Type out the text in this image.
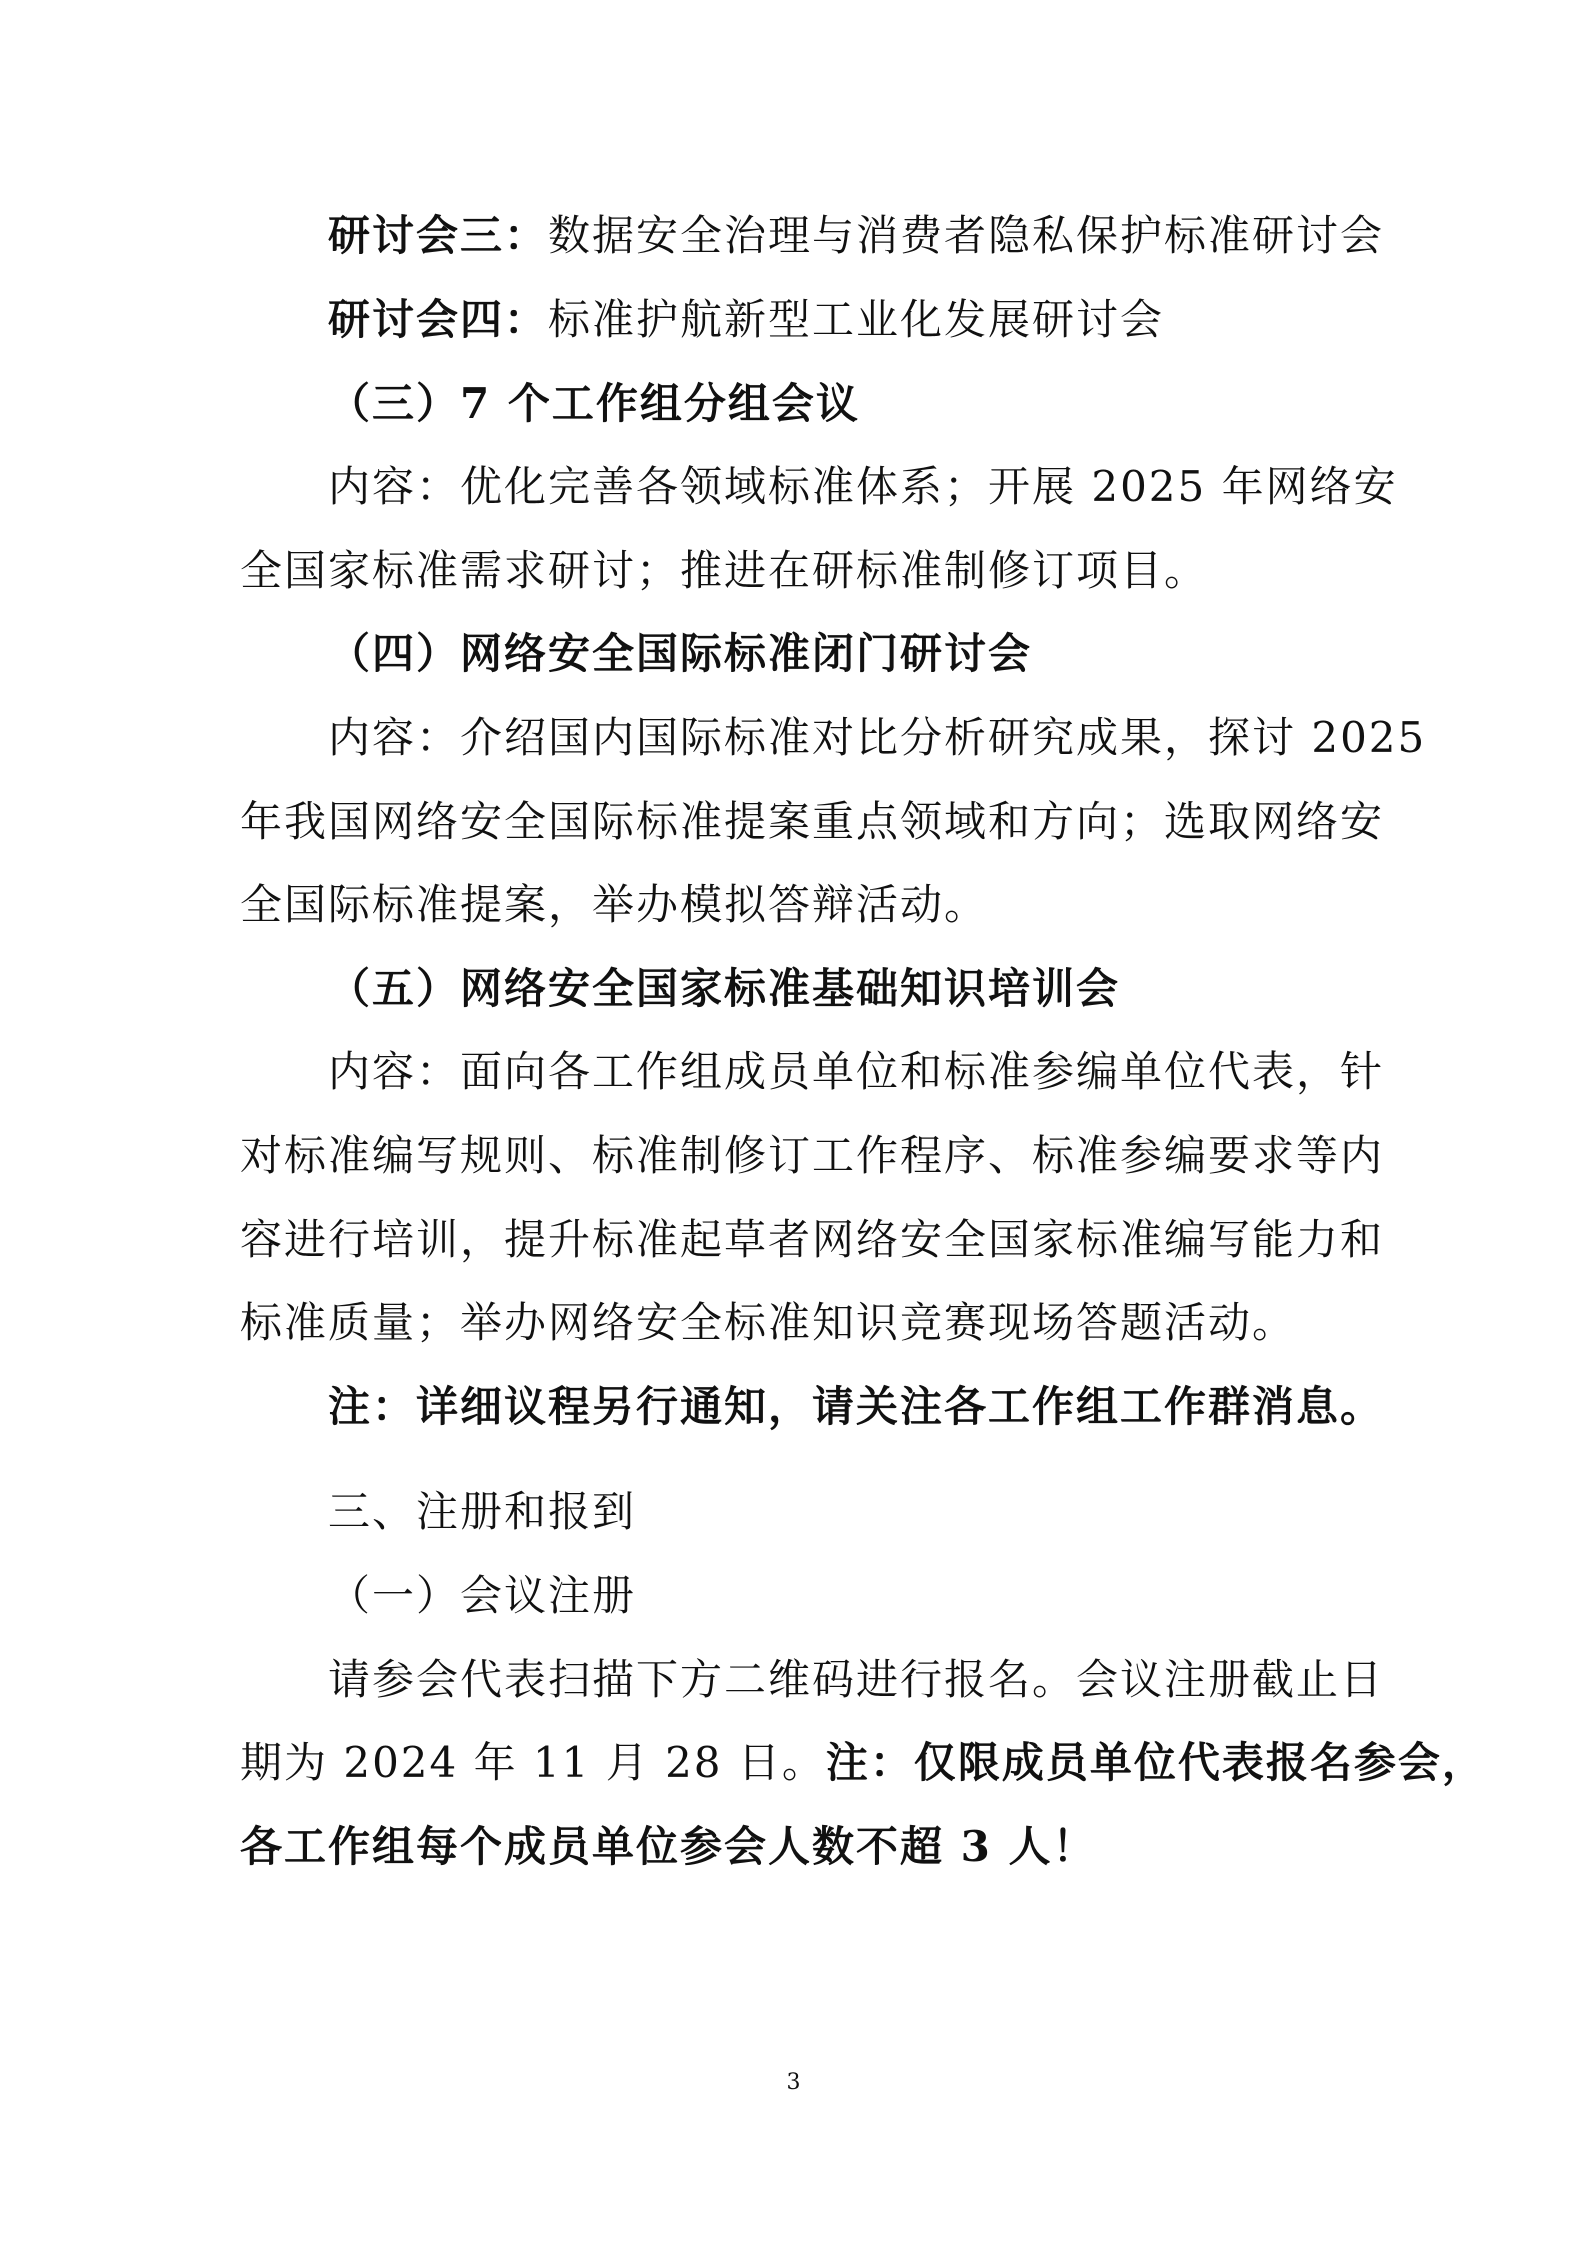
研讨会三：数据安全治理与消费者隐私保护标准研讨会
研讨会四：标准护航新型工业化发展研讨会
（三）7 个工作组分组会议
内容：优化完善各领域标准体系；开展 2025 年网络安
全国家标准需求研讨；推进在研标准制修订项目。
（四）网络安全国际标准闭门研讨会
内容：介绍国内国际标准对比分析研究成果，探讨 2025
年我国网络安全国际标准提案重点领域和方向；选取网络安
全国际标准提案，举办模拟答辩活动。
（五）网络安全国家标准基础知识培训会
内容：面向各工作组成员单位和标准参编单位代表，针
对标准编写规则、标准制修订工作程序、标准参编要求等内
容进行培训，提升标准起草者网络安全国家标准编写能力和
标准质量；举办网络安全标准知识竞赛现场答题活动。
注：详细议程另行通知，请关注各工作组工作群消息。
三、注册和报到
（一）会议注册
请参会代表扫描下方二维码进行报名。会议注册截止日
期为 2024 年 11 月 28 日。注：仅限成员单位代表报名参会，
各工作组每个成员单位参会人数不超 3 人！
3
